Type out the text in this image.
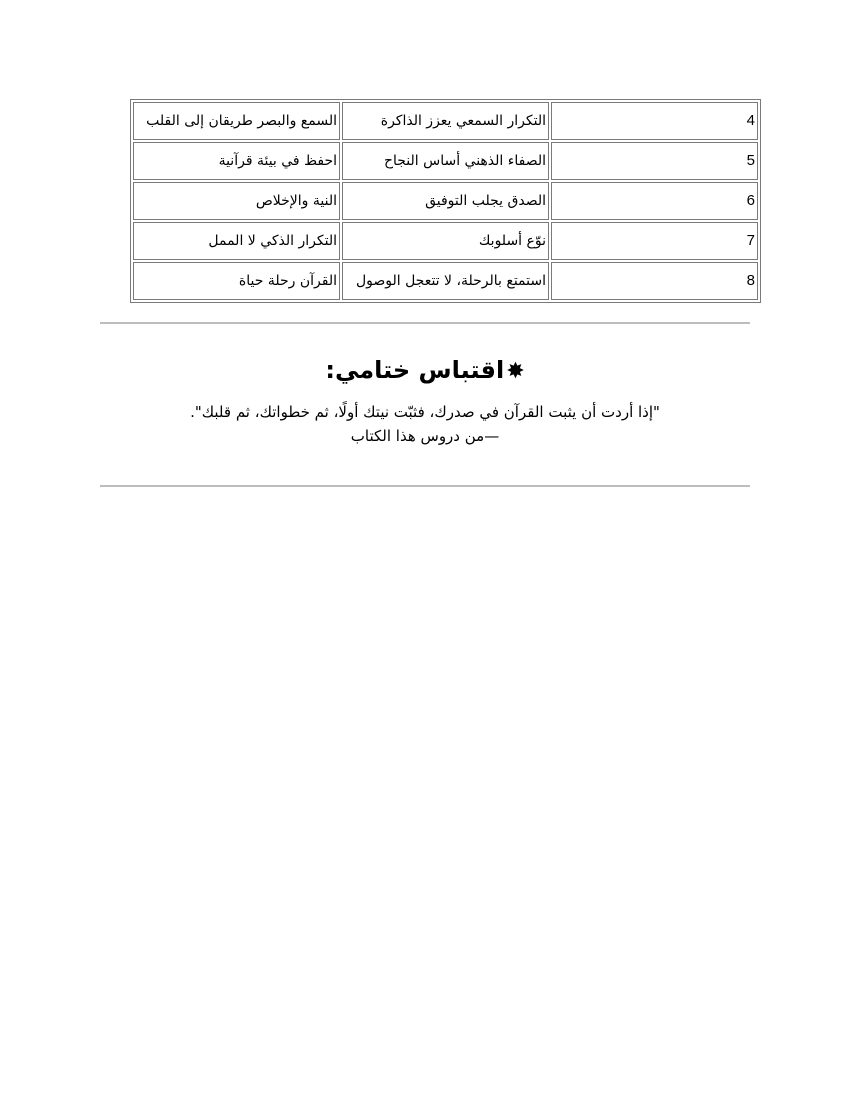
4	التكرار السمعي يعزز الذاكرة	السمع والبصر طريقان إلى القلب
5	الصفاء الذهني أساس النجاح	احفظ في بيئة قرآنية
6	الصدق يجلب التوفيق	النية والإخلاص
7	نوّع أسلوبك	التكرار الذكي لا الممل
8	استمتع بالرحلة، لا تتعجل الوصول	القرآن رحلة حياة
✸اقتباس ختامي:
"إذا أردت أن يثبت القرآن في صدرك، فثبّت نيتك أولًا، ثم خطواتك، ثم قلبك".
—من دروس هذا الكتاب
